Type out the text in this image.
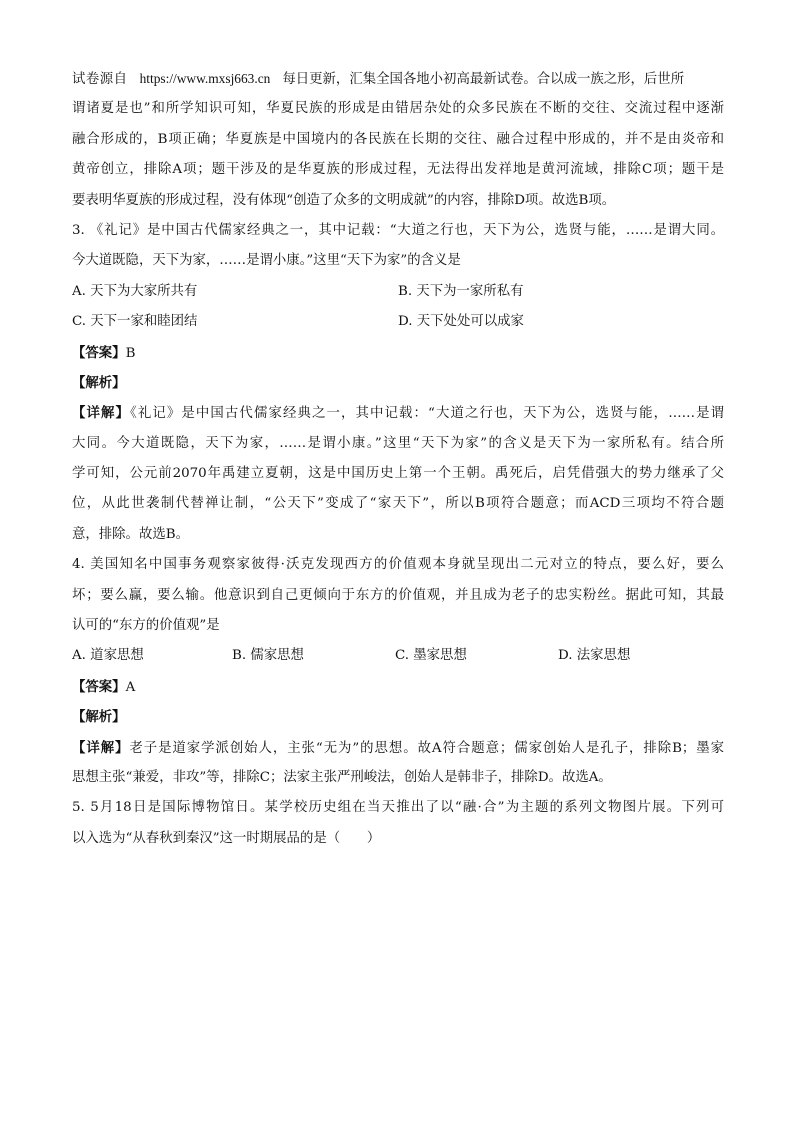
试卷源自 https://www.mxsj663.cn 每日更新，汇集全国各地小初高最新试卷。合以成一族之形，后世所
谓诸夏是也”和所学知识可知，华夏民族的形成是由错居杂处的众多民族在不断的交往、交流过程中逐渐
融合形成的，B项正确；华夏族是中国境内的各民族在长期的交往、融合过程中形成的，并不是由炎帝和
黄帝创立，排除A项；题干涉及的是华夏族的形成过程，无法得出发祥地是黄河流域，排除C项；题干是
要表明华夏族的形成过程，没有体现“创造了众多的文明成就”的内容，排除D项。故选B项。
3. 《礼记》是中国古代儒家经典之一，其中记载：“大道之行也，天下为公，选贤与能，……是谓大同。
今大道既隐，天下为家，……是谓小康。”这里“天下为家”的含义是
A. 天下为大家所共有	B. 天下为一家所私有
C. 天下一家和睦团结	D. 天下处处可以成家
【答案】B
【解析】
【详解】《礼记》是中国古代儒家经典之一，其中记载：“大道之行也，天下为公，选贤与能，……是谓
大同。今大道既隐，天下为家，……是谓小康。”这里“天下为家”的含义是天下为一家所私有。结合所
学可知，公元前2070年禹建立夏朝，这是中国历史上第一个王朝。禹死后，启凭借强大的势力继承了父
位，从此世袭制代替禅让制，“公天下”变成了“家天下”，所以B项符合题意；而ACD三项均不符合题
意，排除。故选B。
4. 美国知名中国事务观察家彼得·沃克发现西方的价值观本身就呈现出二元对立的特点，要么好，要么
坏；要么赢，要么输。他意识到自己更倾向于东方的价值观，并且成为老子的忠实粉丝。据此可知，其最
认可的“东方的价值观”是
A. 道家思想	B. 儒家思想	C. 墨家思想	D. 法家思想
【答案】A
【解析】
【详解】老子是道家学派创始人，主张“无为”的思想。故A符合题意；儒家创始人是孔子，排除B；墨家
思想主张“兼爱，非攻”等，排除C；法家主张严刑峻法，创始人是韩非子，排除D。故选A。
5. 5月18日是国际博物馆日。某学校历史组在当天推出了以“融·合”为主题的系列文物图片展。下列可
以入选为“从春秋到秦汉”这一时期展品的是（　　）
